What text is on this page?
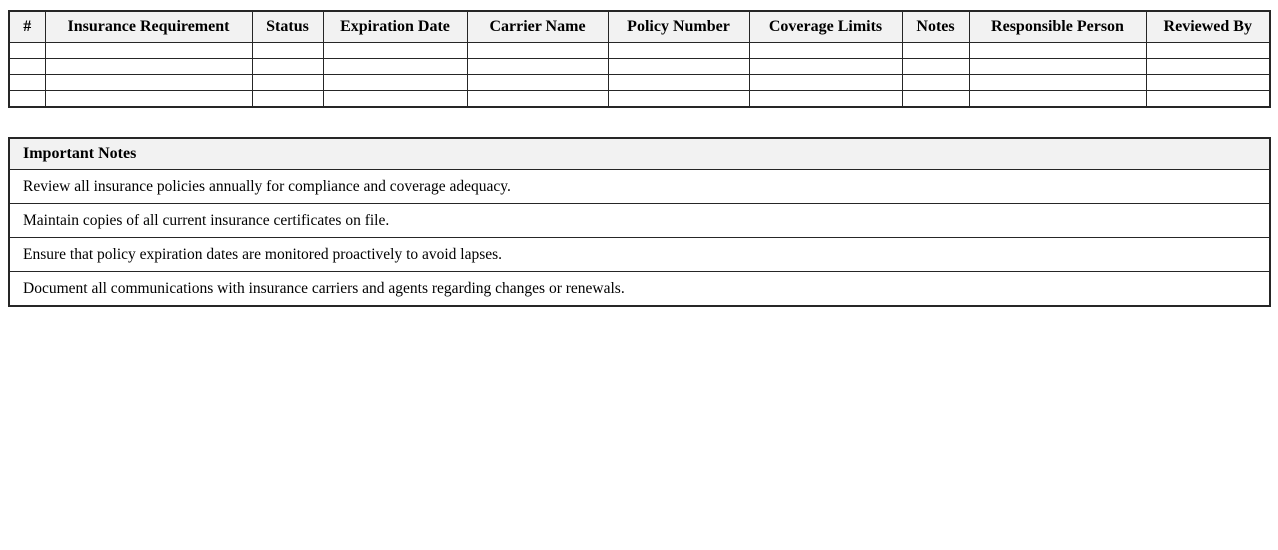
#	Insurance Requirement	Status	Expiration Date	Carrier Name	Policy Number	Coverage Limits	Notes	Responsible Person	Reviewed By

Important Notes
Review all insurance policies annually for compliance and coverage adequacy.
Maintain copies of all current insurance certificates on file.
Ensure that policy expiration dates are monitored proactively to avoid lapses.
Document all communications with insurance carriers and agents regarding changes or renewals.
